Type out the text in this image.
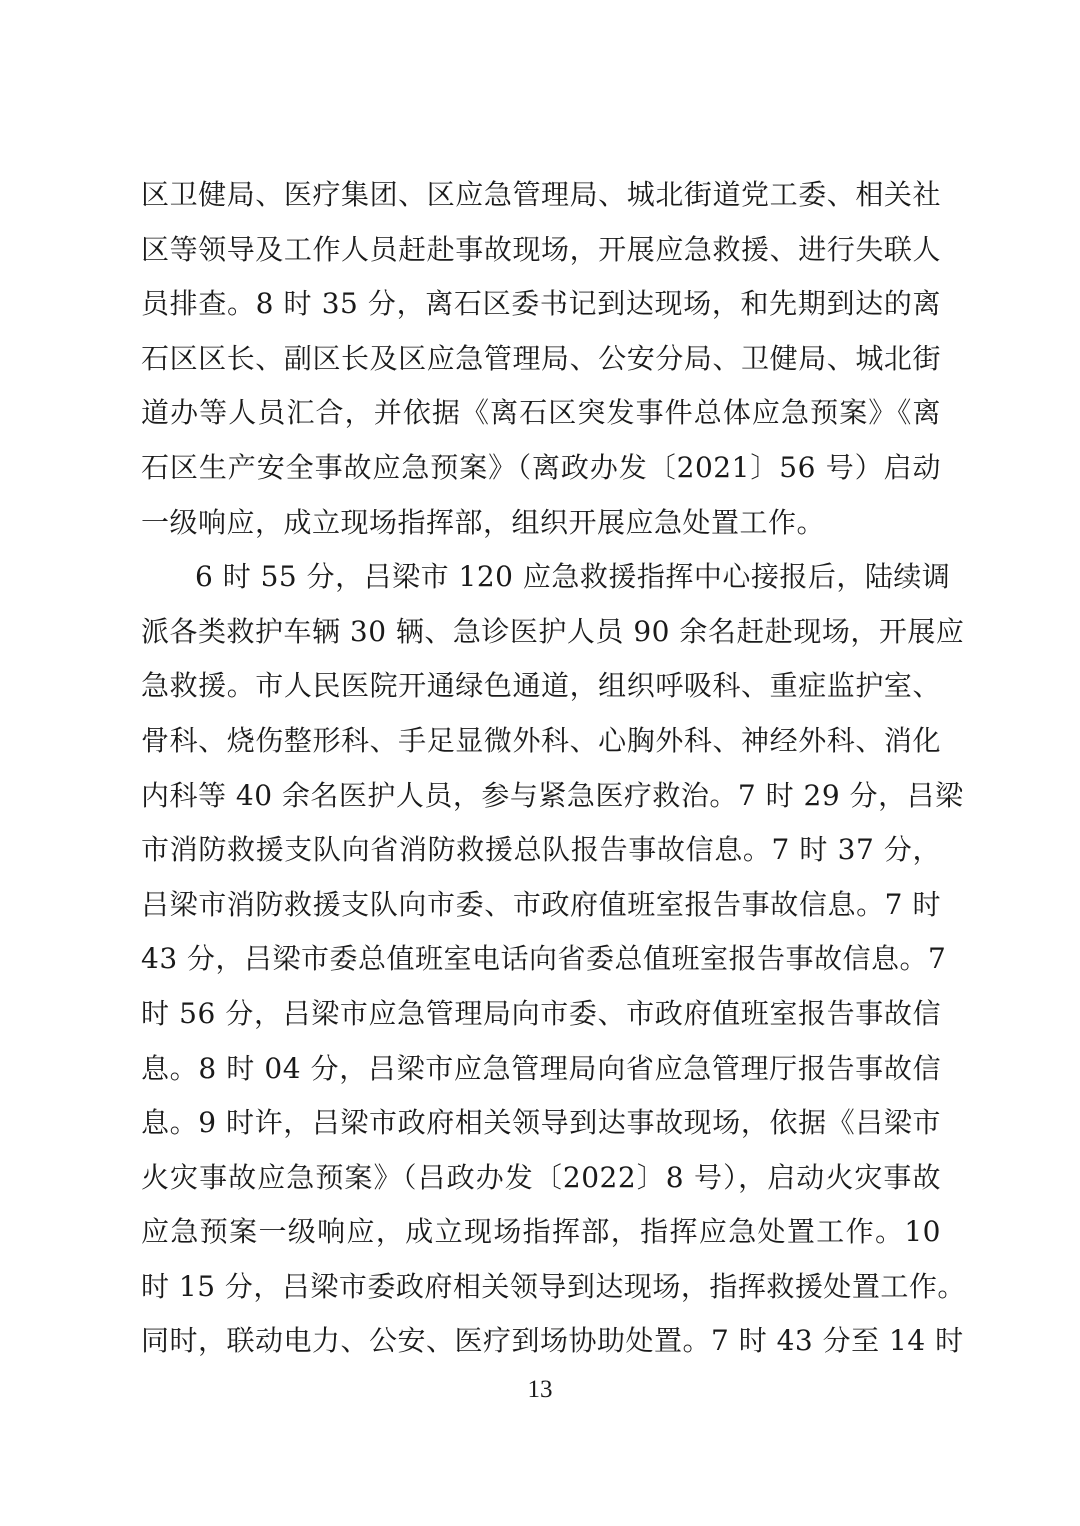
区卫健局、医疗集团、区应急管理局、城北街道党工委、相关社
区等领导及工作人员赶赴事故现场，开展应急救援、进行失联人
员排查。8 时 35 分，离石区委书记到达现场，和先期到达的离
石区区长、副区长及区应急管理局、公安分局、卫健局、城北街
道办等人员汇合，并依据《离石区突发事件总体应急预案》《离
石区生产安全事故应急预案》（离政办发〔2021〕56 号）启动
一级响应，成立现场指挥部，组织开展应急处置工作。
6 时 55 分，吕梁市 120 应急救援指挥中心接报后，陆续调
派各类救护车辆 30 辆、急诊医护人员 90 余名赶赴现场，开展应
急救援。市人民医院开通绿色通道，组织呼吸科、重症监护室、
骨科、烧伤整形科、手足显微外科、心胸外科、神经外科、消化
内科等 40 余名医护人员，参与紧急医疗救治。7 时 29 分，吕梁
市消防救援支队向省消防救援总队报告事故信息。7 时 37 分，
吕梁市消防救援支队向市委、市政府值班室报告事故信息。7 时
43 分，吕梁市委总值班室电话向省委总值班室报告事故信息。7
时 56 分，吕梁市应急管理局向市委、市政府值班室报告事故信
息。8 时 04 分，吕梁市应急管理局向省应急管理厅报告事故信
息。9 时许，吕梁市政府相关领导到达事故现场，依据《吕梁市
火灾事故应急预案》（吕政办发〔2022〕8 号），启动火灾事故
应急预案一级响应，成立现场指挥部，指挥应急处置工作。10
时 15 分，吕梁市委政府相关领导到达现场，指挥救援处置工作。
同时，联动电力、公安、医疗到场协助处置。7 时 43 分至 14 时
13
